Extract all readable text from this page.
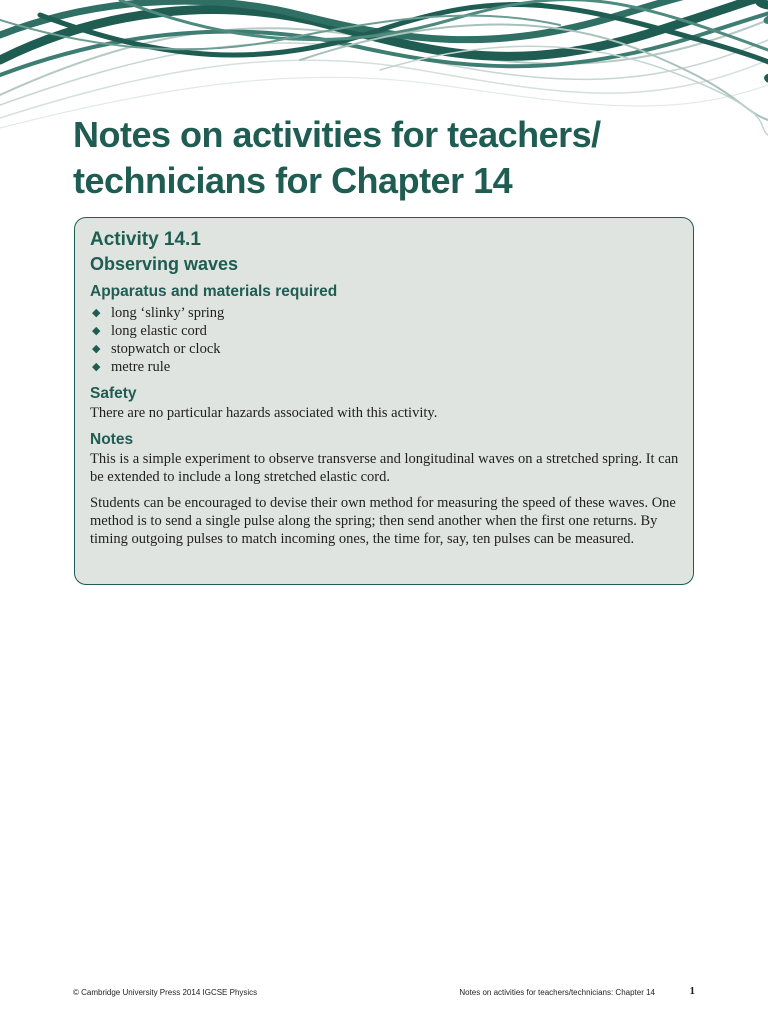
Notes on activities for teachers/
technicians for Chapter 14
Activity 14.1
Observing waves
Apparatus and materials required
◆ long ‘slinky’ spring
◆ long elastic cord
◆ stopwatch or clock
◆ metre rule
Safety

There are no particular hazards associated with this activity.

Notes

This is a simple experiment to observe transverse and longitudinal waves on a stretched spring. It can be extended to include a long stretched elastic cord.

Students can be encouraged to devise their own method for measuring the speed of these waves. One method is to send a single pulse along the spring; then send another when the first one returns. By timing outgoing pulses to match incoming ones, the time for, say, ten pulses can be measured.

© Cambridge University Press 2014 IGCSE Physics	Notes on activities for teachers/technicians: Chapter 14	1
